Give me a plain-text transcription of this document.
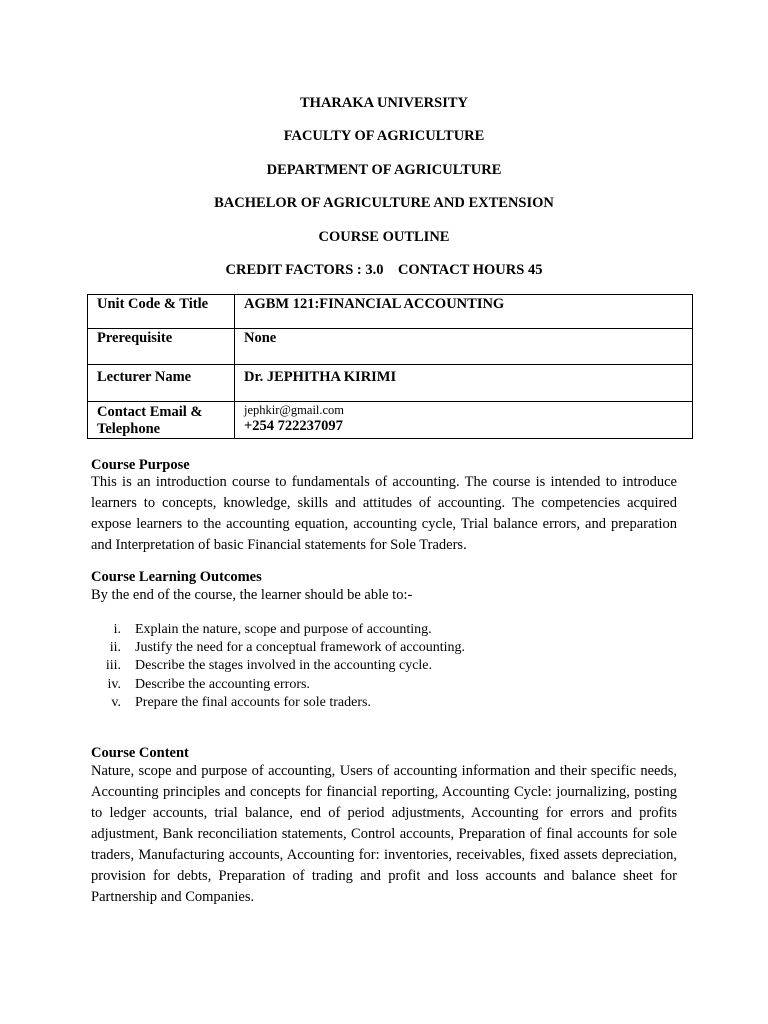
THARAKA UNIVERSITY
FACULTY OF AGRICULTURE
DEPARTMENT OF AGRICULTURE
BACHELOR OF AGRICULTURE AND EXTENSION
COURSE OUTLINE
CREDIT FACTORS : 3.0    CONTACT HOURS 45
Unit Code & Title	AGBM 121:FINANCIAL ACCOUNTING
Prerequisite	None
Lecturer Name	Dr. JEPHITHA KIRIMI
Contact Email & Telephone	jephkir@gmail.com
+254 722237097
Course Purpose
This is an introduction course to fundamentals of accounting. The course is intended to introduce learners to concepts, knowledge, skills and attitudes of accounting. The competencies acquired expose learners to the accounting equation, accounting cycle, Trial balance errors, and preparation and Interpretation of basic Financial statements for Sole Traders.
Course Learning Outcomes
By the end of the course, the learner should be able to:-
i. Explain the nature, scope and purpose of accounting.
ii. Justify the need for a conceptual framework of accounting.
iii. Describe the stages involved in the accounting cycle.
iv. Describe the accounting errors.
v. Prepare the final accounts for sole traders.
Course Content
Nature, scope and purpose of accounting, Users of accounting information and their specific needs, Accounting principles and concepts for financial reporting, Accounting Cycle: journalizing, posting to ledger accounts, trial balance, end of period adjustments, Accounting for errors and profits adjustment, Bank reconciliation statements, Control accounts, Preparation of final accounts for sole traders, Manufacturing accounts, Accounting for: inventories, receivables, fixed assets depreciation, provision for debts, Preparation of trading and profit and loss accounts and balance sheet for Partnership and Companies.
